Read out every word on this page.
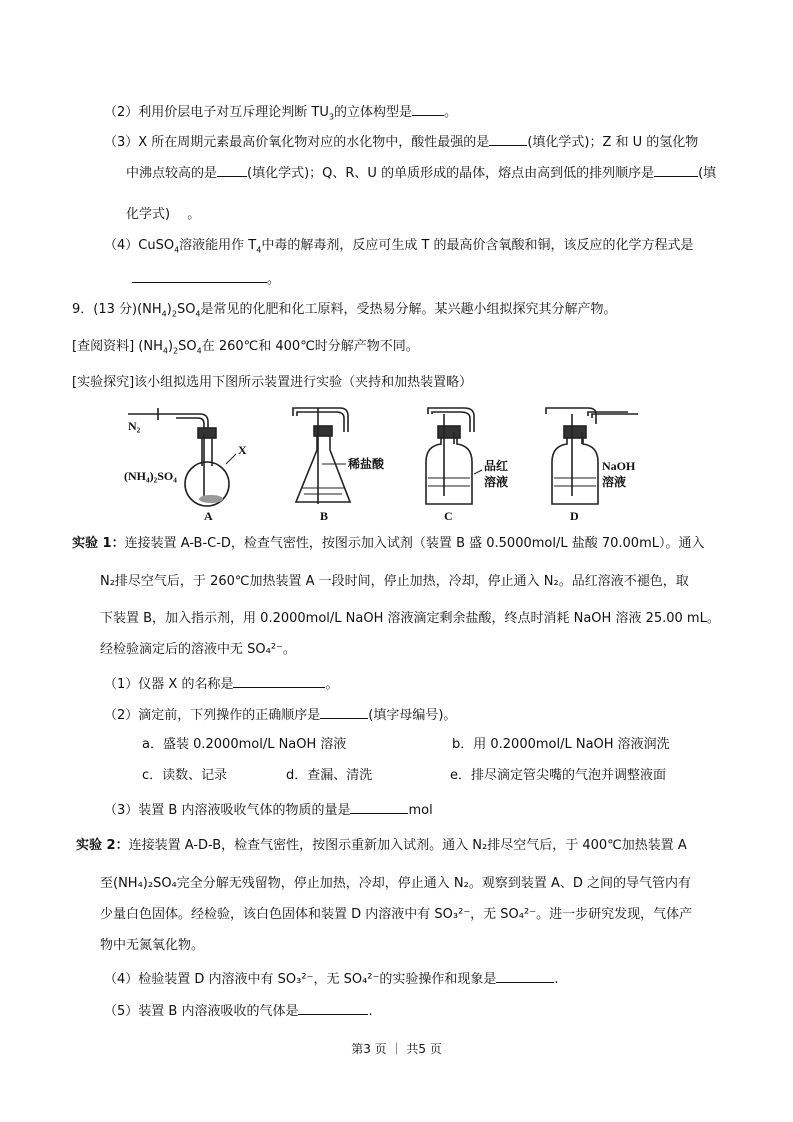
（2）利用价层电子对互斥理论判断 $TU_3$的立体构型是 。
（3）X 所在周期元素最高价氧化物对应的水化物中，酸性最强的是	(填化学式)；Z 和 U 的氢化物
中沸点较高的是 (填化学式)；Q、R、U 的单质形成的晶体，熔点由高到低的排列顺序是	(填
化学式)　 。
（4）CuSO$_4$溶液能用作 $T_4$中毒的解毒剂，反应可生成 T 的最高价含氧酸和铜，该反应的化学方程式是
。
9．(13 分)$(NH_4)_2SO_4$是常见的化肥和化工原料，受热易分解。某兴趣小组拟探究其分解产物。
[查阅资料] $(NH_4)_2SO_4$在 260℃和 400℃时分解产物不同。
[实验探究]该小组拟选用下图所示装置进行实验（夹持和加热装置略）
N₂
X
(NH₄)₂SO₄
稀盐酸	品红
溶液
NaOH
溶液
A	B	C	D
实验 1：连接装置 A-B-C-D，检查气密性，按图示加入试剂（装置 B 盛 0.5000mol/L 盐酸 70.00mL）。通入
N₂排尽空气后，于 260℃加热装置 A 一段时间，停止加热，冷却，停止通入 N₂。品红溶液不褪色，取
下装置 B，加入指示剂，用 0.2000mol/L NaOH 溶液滴定剩余盐酸，终点时消耗 NaOH 溶液 25.00 mL。
经检验滴定后的溶液中无 SO₄²⁻。
（1）仪器 X 的名称是	。
（2）滴定前，下列操作的正确顺序是	(填字母编号)。
a．盛装 0.2000mol/L NaOH 溶液	b．用 0.2000mol/L NaOH 溶液润洗
c．读数、记录	d．查漏、清洗	e．排尽滴定管尖嘴的气泡并调整液面
（3）装置 B 内溶液吸收气体的物质的量是	mol
实验 2：连接装置 A-D-B，检查气密性，按图示重新加入试剂。通入 N₂排尽空气后，于 400℃加热装置 A
至(NH₄)₂SO₄完全分解无残留物，停止加热，冷却，停止通入 N₂。观察到装置 A、D 之间的导气管内有
少量白色固体。经检验，该白色固体和装置 D 内溶液中有 SO₃²⁻，无 SO₄²⁻。进一步研究发现，气体产
物中无氮氧化物。
（4）检验装置 D 内溶液中有 SO₃²⁻，无 SO₄²⁻的实验操作和现象是	.
（5）装置 B 内溶液吸收的气体是	.
第3 页 ｜ 共5 页
